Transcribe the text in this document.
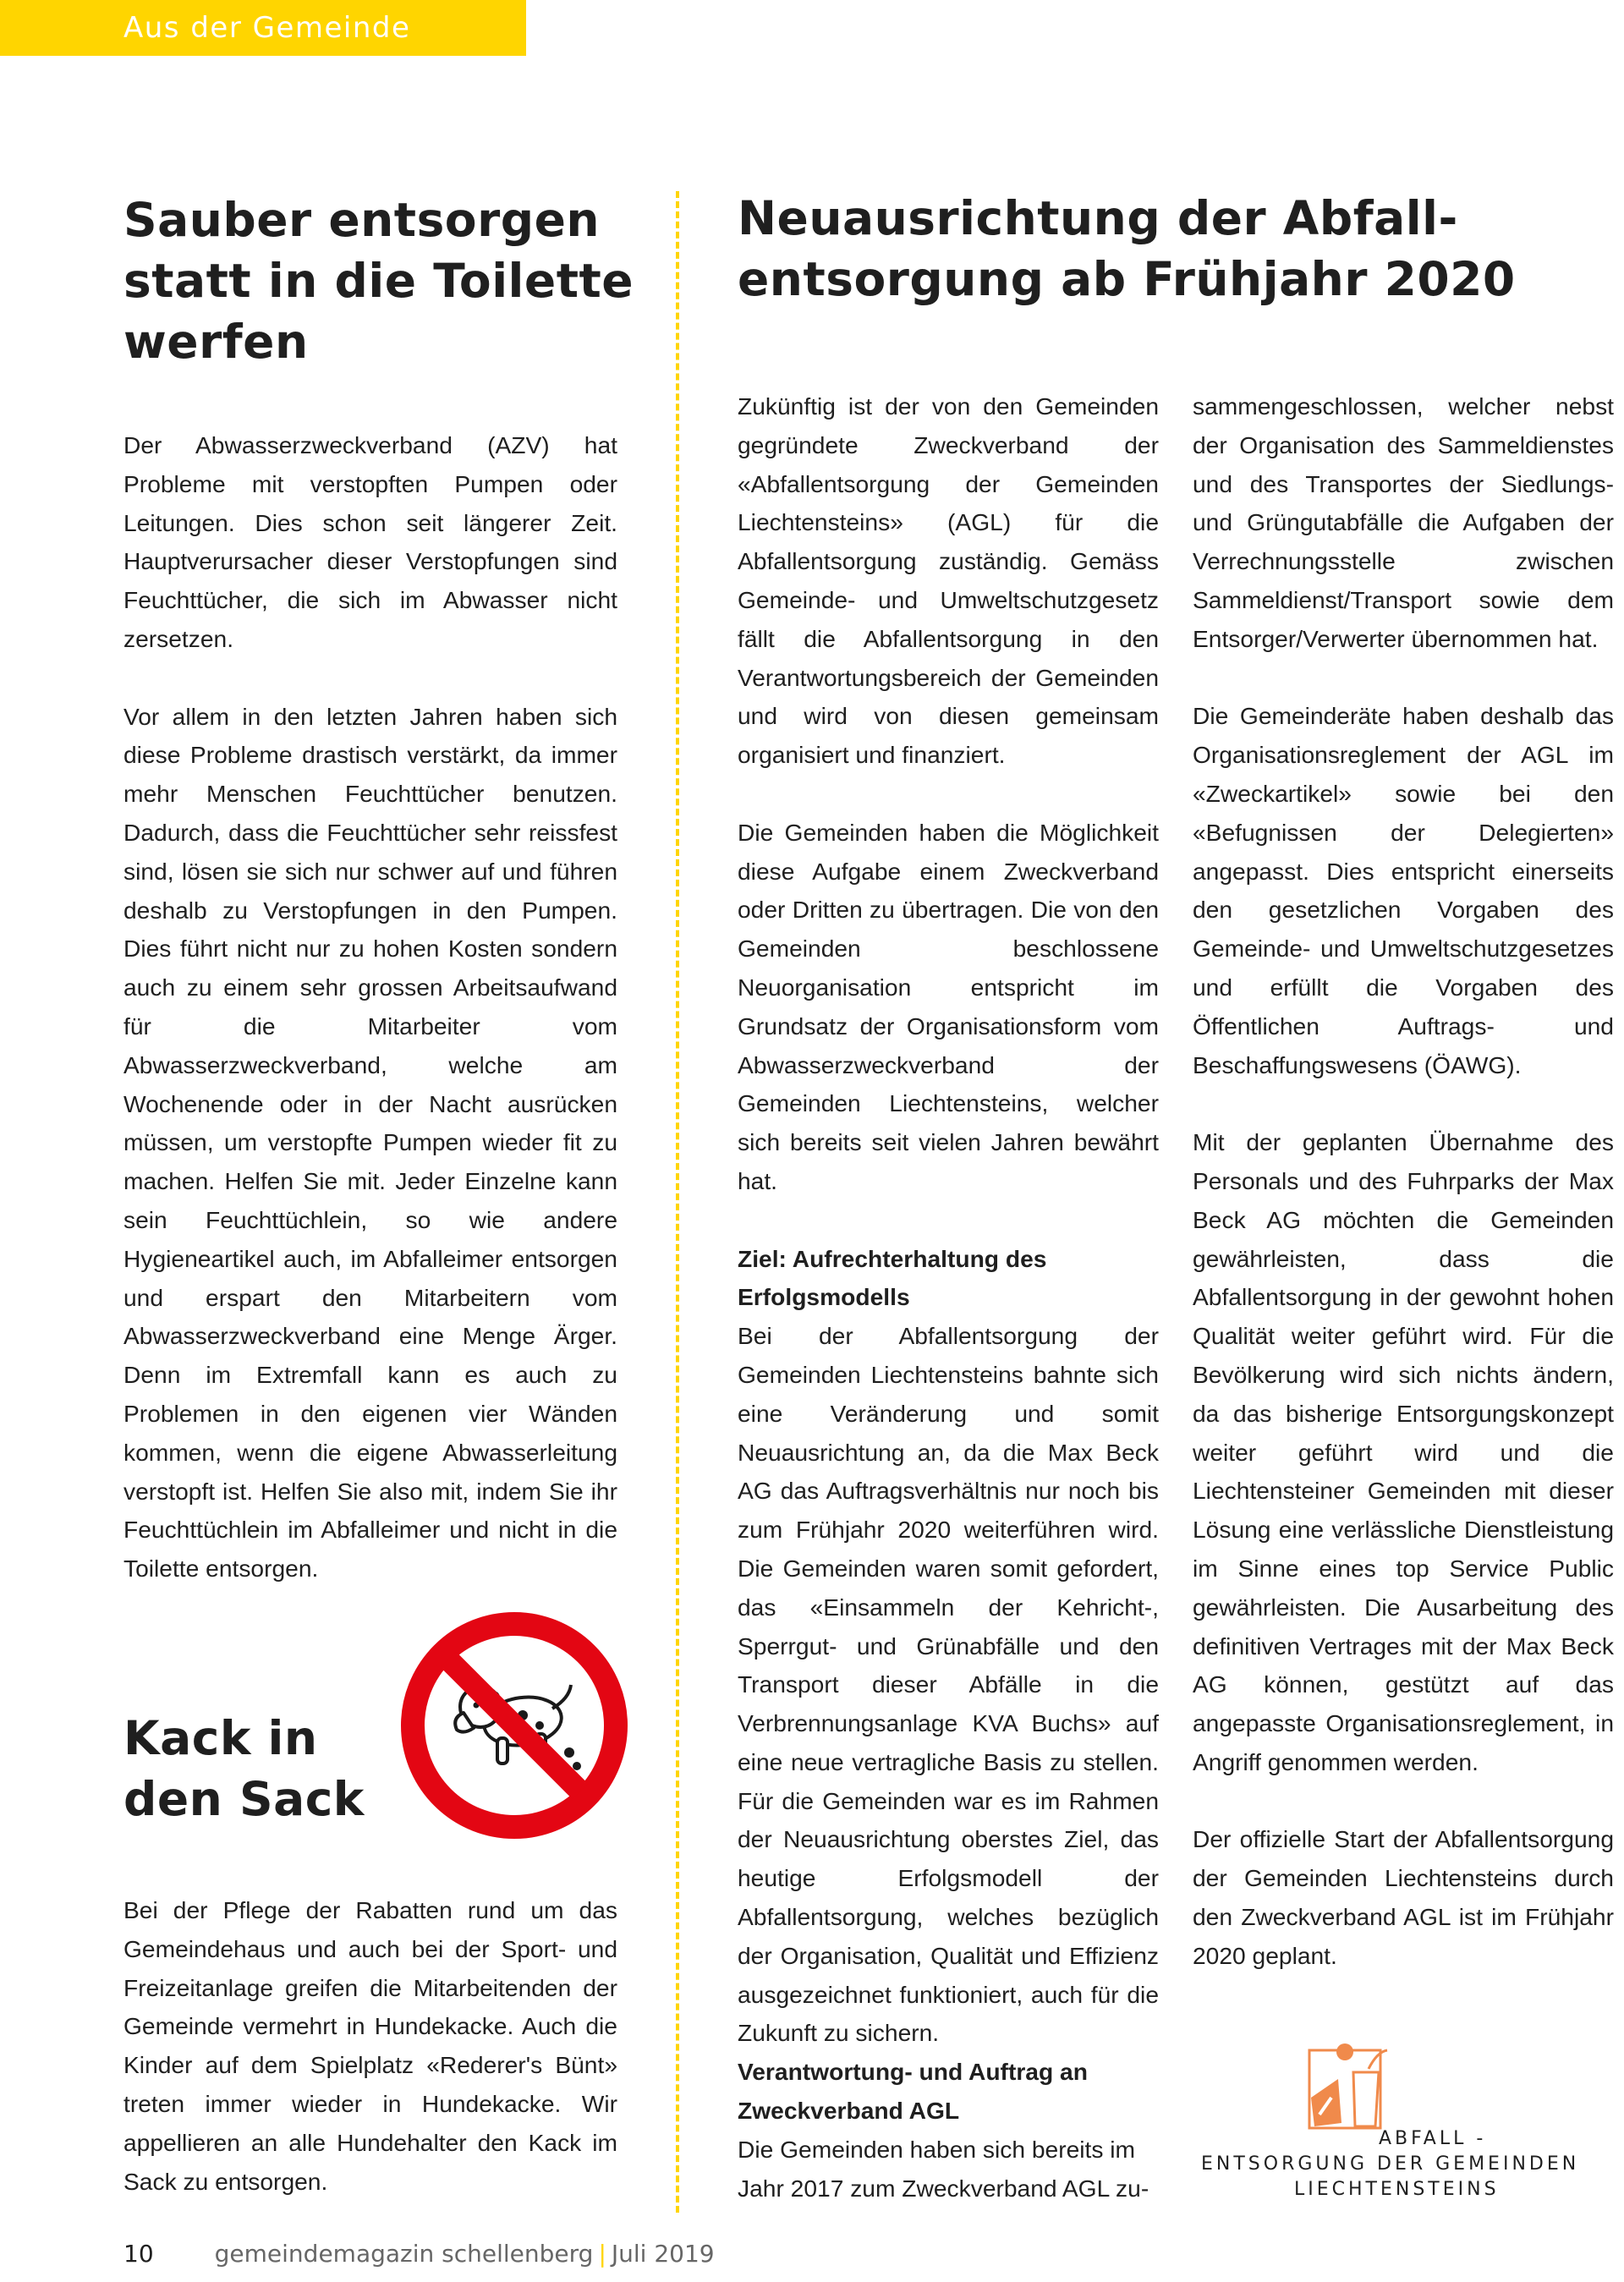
Aus der Gemeinde
Sauber entsorgen
statt in die Toilette
werfen

Der Abwasserzweckverband (AZV) hat Probleme mit verstopften Pumpen oder Leitungen. Dies schon seit längerer Zeit. Hauptverursacher dieser Verstopfungen sind Feuchttücher, die sich im Abwasser nicht zersetzen.

Vor allem in den letzten Jahren haben sich diese Probleme drastisch verstärkt, da immer mehr Menschen Feuchttücher benutzen. Dadurch, dass die Feuchttücher sehr reissfest sind, lösen sie sich nur schwer auf und führen deshalb zu Verstopfungen in den Pumpen. Dies führt nicht nur zu hohen Kosten sondern auch zu einem sehr grossen Arbeitsaufwand für die Mitarbeiter vom Abwasserzweckverband, welche am Wochenende oder in der Nacht ausrücken müssen, um verstopfte Pumpen wieder fit zu machen. Helfen Sie mit. Jeder Einzelne kann sein Feuchttüchlein, so wie andere Hygieneartikel auch, im Abfalleimer entsorgen und erspart den Mitarbeitern vom Abwasserzweckverband eine Menge Ärger. Denn im Extremfall kann es auch zu Problemen in den eigenen vier Wänden kommen, wenn die eigene Abwasserleitung verstopft ist. Helfen Sie also mit, indem Sie ihr Feuchttüchlein im Abfalleimer und nicht in die Toilette entsorgen.

Kack in
den Sack

Bei der Pflege der Rabatten rund um das Gemeindehaus und auch bei der Sport- und Freizeitanlage greifen die Mitarbeitenden der Gemeinde vermehrt in Hundekacke. Auch die Kinder auf dem Spielplatz «Rederer's Bünt» treten immer wieder in Hundekacke. Wir appellieren an alle Hundehalter den Kack im Sack zu entsorgen.

Neuausrichtung der Abfall-
entsorgung ab Frühjahr 2020

Zukünftig ist der von den Gemeinden gegründete Zweckverband der «Abfallentsorgung der Gemeinden Liechtensteins» (AGL) für die Abfallentsorgung zuständig. Gemäss Gemeinde- und Umweltschutzgesetz fällt die Abfallentsorgung in den Verantwortungsbereich der Gemeinden und wird von diesen gemeinsam organisiert und finanziert.

Die Gemeinden haben die Möglichkeit diese Aufgabe einem Zweckverband oder Dritten zu übertragen. Die von den Gemeinden beschlossene Neuorganisation entspricht im Grundsatz der Organisationsform vom Abwasserzweckverband der Gemeinden Liechtensteins, welcher sich bereits seit vielen Jahren bewährt hat.

Ziel: Aufrechterhaltung des Erfolgsmodells

Bei der Abfallentsorgung der Gemeinden Liechtensteins bahnte sich eine Veränderung und somit Neuausrichtung an, da die Max Beck AG das Auftragsverhältnis nur noch bis zum Frühjahr 2020 weiterführen wird. Die Gemeinden waren somit gefordert, das «Einsammeln der Kehricht-, Sperrgut- und Grünabfälle und den Transport dieser Abfälle in die Verbrennungsanlage KVA Buchs» auf eine neue vertragliche Basis zu stellen. Für die Gemeinden war es im Rahmen der Neuausrichtung oberstes Ziel, das heutige Erfolgsmodell der Abfallentsorgung, welches bezüglich der Organisation, Qualität und Effizienz ausgezeichnet funktioniert, auch für die Zukunft zu sichern.

Verantwortung- und Auftrag an Zweckverband AGL

Die Gemeinden haben sich bereits im Jahr 2017 zum Zweckverband AGL zu-

sammengeschlossen, welcher nebst der Organisation des Sammeldienstes und des Transportes der Siedlungs- und Grüngutabfälle die Aufgaben der Verrechnungsstelle zwischen Sammeldienst/Transport sowie dem Entsorger/Verwerter übernommen hat.

Die Gemeinderäte haben deshalb das Organisationsreglement der AGL im «Zweckartikel» sowie bei den «Befugnissen der Delegierten» angepasst. Dies entspricht einerseits den gesetzlichen Vorgaben des Gemeinde- und Umweltschutzgesetzes und erfüllt die Vorgaben des Öffentlichen Auftrags- und Beschaffungswesens (ÖAWG).

Mit der geplanten Übernahme des Personals und des Fuhrparks der Max Beck AG möchten die Gemeinden gewährleisten, dass die Abfallentsorgung in der gewohnt hohen Qualität weiter geführt wird. Für die Bevölkerung wird sich nichts ändern, da das bisherige Entsorgungskonzept weiter geführt wird und die Liechtensteiner Gemeinden mit dieser Lösung eine verlässliche Dienstleistung im Sinne eines top Service Public gewährleisten. Die Ausarbeitung des definitiven Vertrages mit der Max Beck AG können, gestützt auf das angepasste Organisationsreglement, in Angriff genommen werden.

Der offizielle Start der Abfallentsorgung der Gemeinden Liechtensteins durch den Zweckverband AGL ist im Frühjahr 2020 geplant.

ABFALL -
ENTSORGUNG DER GEMEINDEN
LIECHTENSTEINS
10	gemeindemagazin schellenberg | Juli 2019
